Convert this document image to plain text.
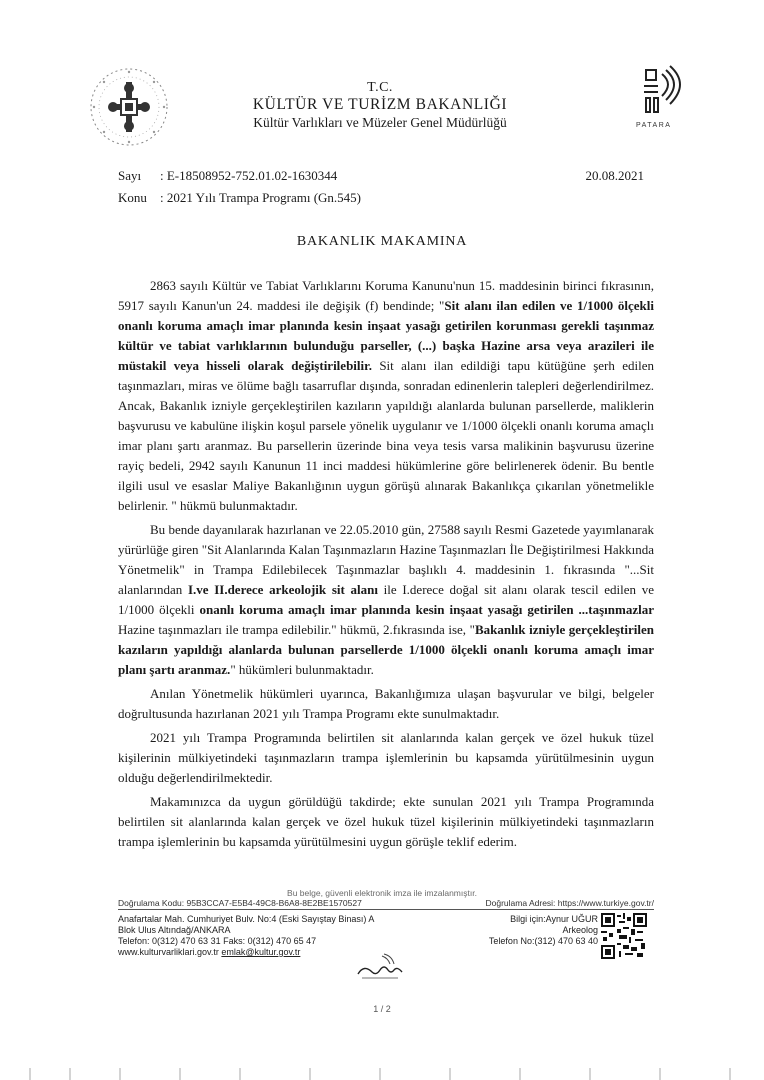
PATARA
T.C.
KÜLTÜR VE TURİZM BAKANLIĞI
Kültür Varlıkları ve Müzeler Genel Müdürlüğü
Sayı : E-18508952-752.01.02-1630344
Konu : 2021 Yılı Trampa Programı (Gn.545)
20.08.2021
BAKANLIK MAKAMINA

2863 sayılı Kültür ve Tabiat Varlıklarını Koruma Kanunu'nun 15. maddesinin birinci fıkrasının, 5917 sayılı Kanun'un 24. maddesi ile değişik (f) bendinde; "Sit alanı ilan edilen ve 1/1000 ölçekli onanlı koruma amaçlı imar planında kesin inşaat yasağı getirilen korunması gerekli taşınmaz kültür ve tabiat varlıklarının bulunduğu parseller, (...) başka Hazine arsa veya arazileri ile müstakil veya hisseli olarak değiştirilebilir. Sit alanı ilan edildiği tapu kütüğüne şerh edilen taşınmazları, miras ve ölüme bağlı tasarruflar dışında, sonradan edinenlerin talepleri değerlendirilmez. Ancak, Bakanlık izniyle gerçekleştirilen kazıların yapıldığı alanlarda bulunan parsellerde, maliklerin başvurusu ve kabulüne ilişkin koşul parsele yönelik uygulanır ve 1/1000 ölçekli onanlı koruma amaçlı imar planı şartı aranmaz. Bu parsellerin üzerinde bina veya tesis varsa malikinin başvurusu üzerine rayiç bedeli, 2942 sayılı Kanunun 11 inci maddesi hükümlerine göre belirlenerek ödenir. Bu bentle ilgili usul ve esaslar Maliye Bakanlığının uygun görüşü alınarak Bakanlıkça çıkarılan yönetmelikle belirlenir. " hükmü bulunmaktadır.

Bu bende dayanılarak hazırlanan ve 22.05.2010 gün, 27588 sayılı Resmi Gazetede yayımlanarak yürürlüğe giren "Sit Alanlarında Kalan Taşınmazların Hazine Taşınmazları İle Değiştirilmesi Hakkında Yönetmelik" in Trampa Edilebilecek Taşınmazlar başlıklı 4. maddesinin 1. fıkrasında "...Sit alanlarından I.ve II.derece arkeolojik sit alanı ile I.derece doğal sit alanı olarak tescil edilen ve 1/1000 ölçekli onanlı koruma amaçlı imar planında kesin inşaat yasağı getirilen ...taşınmazlar Hazine taşınmazları ile trampa edilebilir." hükmü, 2.fıkrasında ise, "Bakanlık izniyle gerçekleştirilen kazıların yapıldığı alanlarda bulunan parsellerde 1/1000 ölçekli onanlı koruma amaçlı imar planı şartı aranmaz." hükümleri bulunmaktadır.

Anılan Yönetmelik hükümleri uyarınca, Bakanlığımıza ulaşan başvurular ve bilgi, belgeler doğrultusunda hazırlanan 2021 yılı Trampa Programı ekte sunulmaktadır.

2021 yılı Trampa Programında belirtilen sit alanlarında kalan gerçek ve özel hukuk tüzel kişilerinin mülkiyetindeki taşınmazların trampa işlemlerinin bu kapsamda yürütülmesinin uygun olduğu değerlendirilmektedir.

Makamınızca da uygun görüldüğü takdirde; ekte sunulan 2021 yılı Trampa Programında belirtilen sit alanlarında kalan gerçek ve özel hukuk tüzel kişilerinin mülkiyetindeki taşınmazların trampa işlemlerinin bu kapsamda yürütülmesini uygun görüşle teklif ederim.

Bu belge, güvenli elektronik imza ile imzalanmıştır.
Doğrulama Kodu: 95B3CCA7-E5B4-49C8-B6A8-8E2BE1570527	Doğrulama Adresi: https://www.turkiye.gov.tr/
Anafartalar Mah. Cumhuriyet Bulv. No:4 (Eski Sayıştay Binası) A
Blok Ulus Altındağ/ANKARA
Telefon: 0(312) 470 63 31 Faks: 0(312) 470 65 47
www.kulturvarliklari.gov.tr emlak@kultur.gov.tr
Bilgi için:Aynur UĞUR
Arkeolog
Telefon No:(312) 470 63 40
1 / 2
